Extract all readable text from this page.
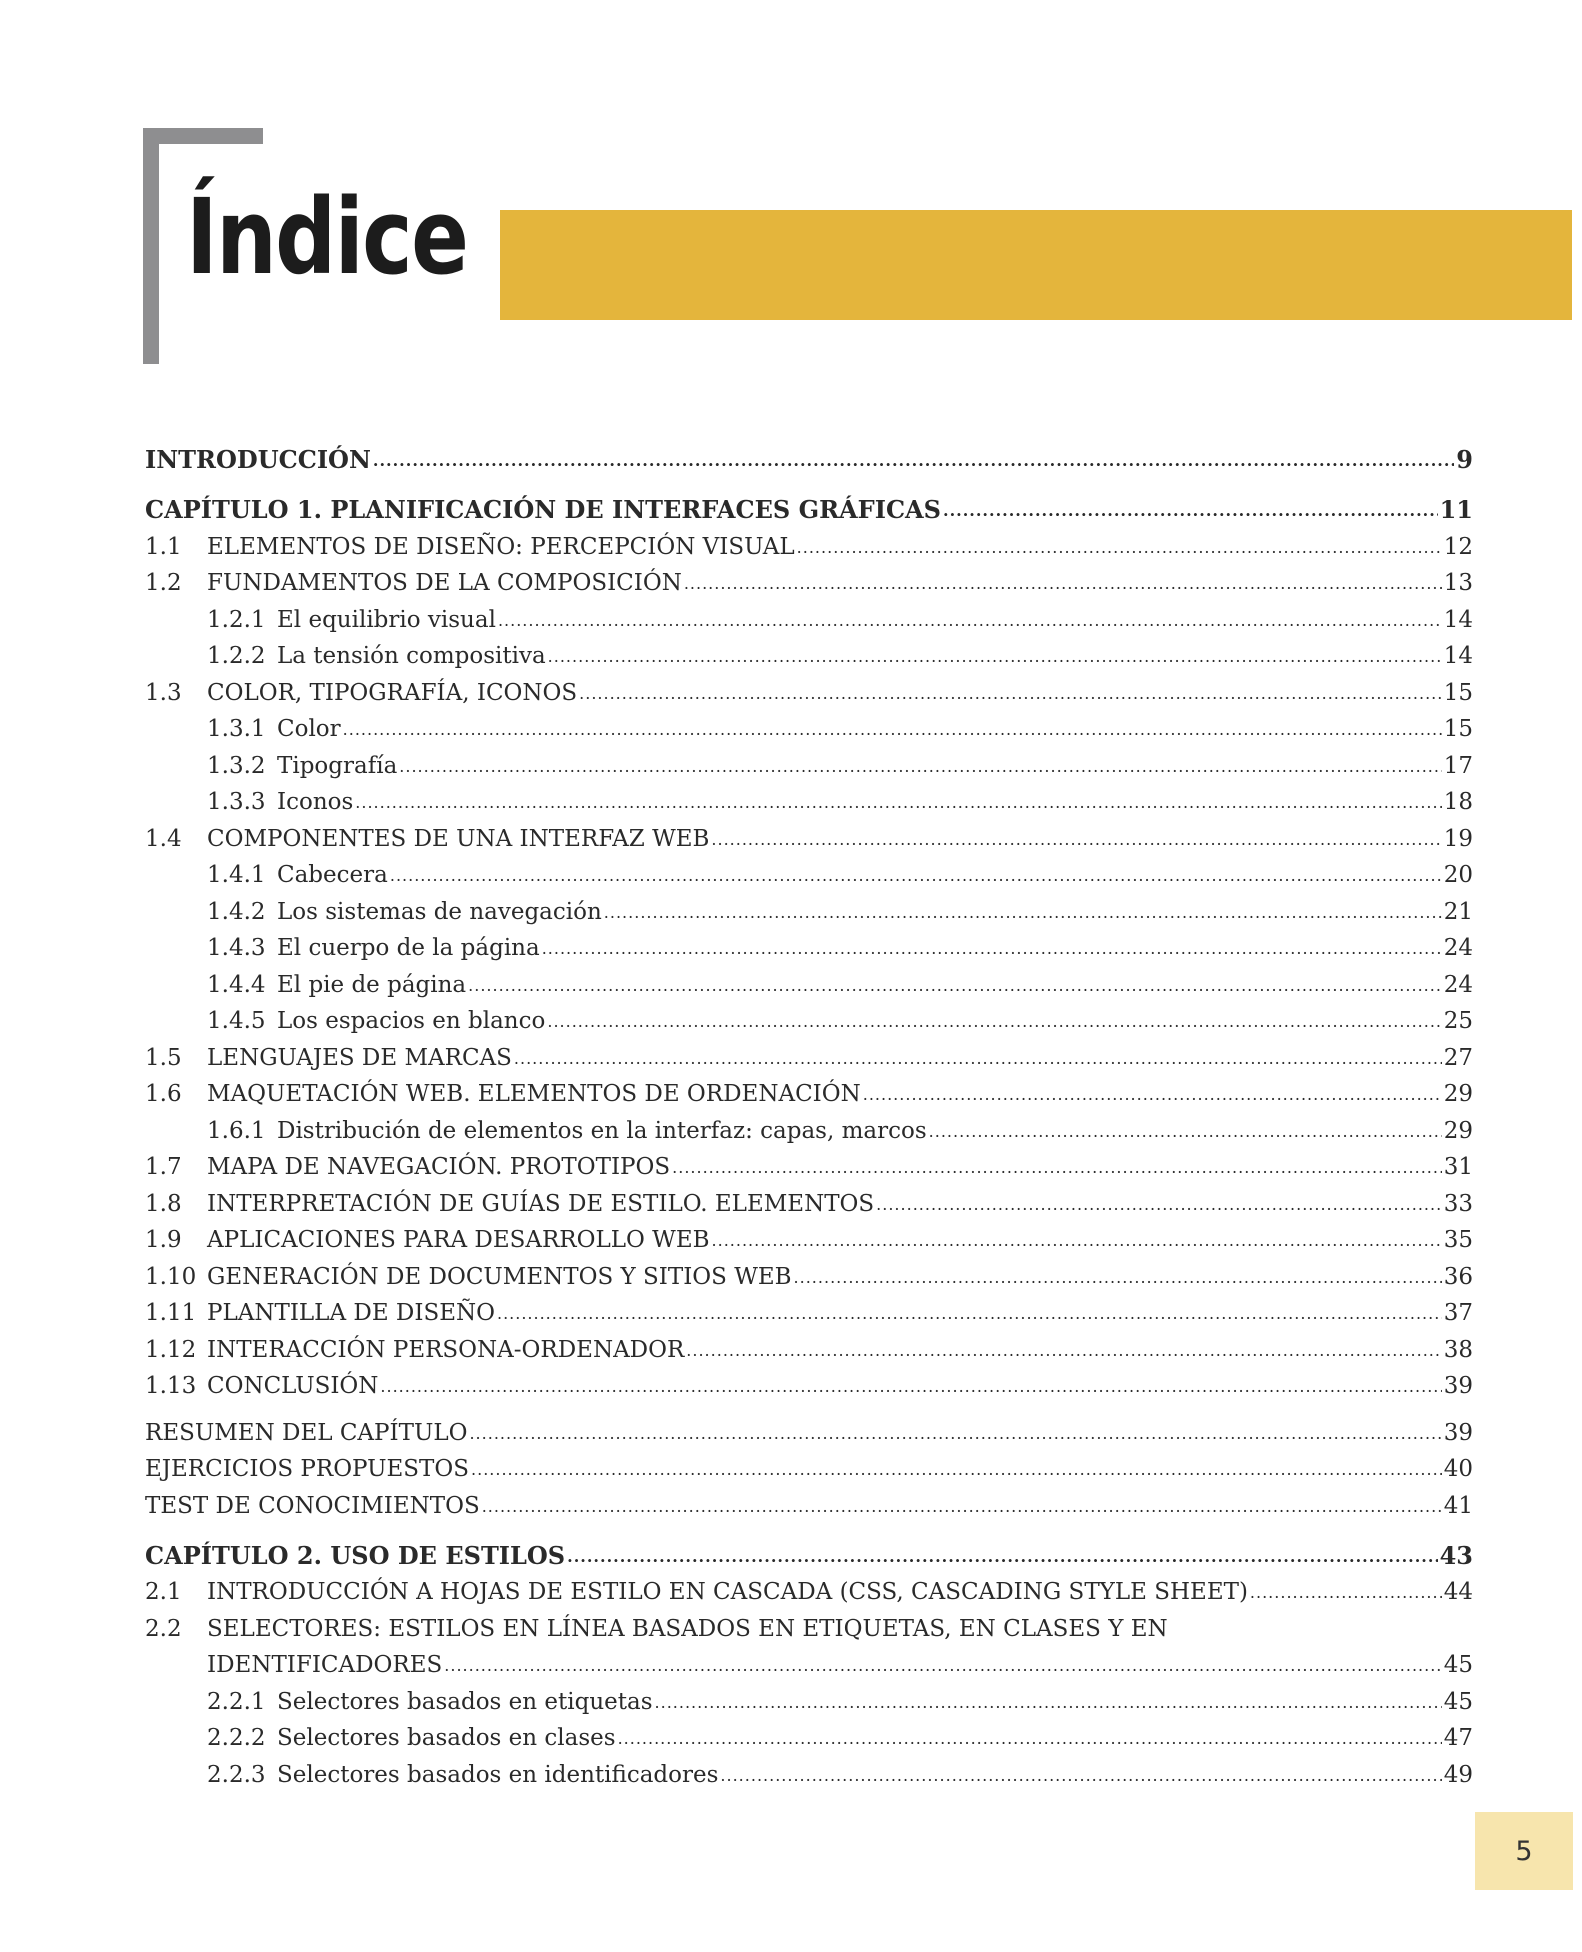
Índice
INTRODUCCIÓN .....	9
CAPÍTULO 1. PLANIFICACIÓN DE INTERFACES GRÁFICAS .....	11
1.1	ELEMENTOS DE DISEÑO: PERCEPCIÓN VISUAL .....	12
1.2	FUNDAMENTOS DE LA COMPOSICIÓN .....	13
1.2.1 El equilibrio visual .....	14
1.2.2 La tensión compositiva .....	14
1.3	COLOR, TIPOGRAFÍA, ICONOS .....	15
1.3.1 Color .....	15
1.3.2 Tipografía .....	17
1.3.3 Iconos .....	18
1.4	COMPONENTES DE UNA INTERFAZ WEB .....	19
1.4.1 Cabecera .....	20
1.4.2 Los sistemas de navegación .....	21
1.4.3 El cuerpo de la página .....	24
1.4.4 El pie de página .....	24
1.4.5 Los espacios en blanco .....	25
1.5	LENGUAJES DE MARCAS .....	27
1.6	MAQUETACIÓN WEB. ELEMENTOS DE ORDENACIÓN .....	29
1.6.1 Distribución de elementos en la interfaz: capas, marcos .....	29
1.7	MAPA DE NAVEGACIÓN. PROTOTIPOS .....	31
1.8	INTERPRETACIÓN DE GUÍAS DE ESTILO. ELEMENTOS .....	33
1.9	APLICACIONES PARA DESARROLLO WEB .....	35
1.10 GENERACIÓN DE DOCUMENTOS Y SITIOS WEB .....	36
1.11 PLANTILLA DE DISEÑO .....	37
1.12 INTERACCIÓN PERSONA-ORDENADOR .....	38
1.13 CONCLUSIÓN .....	39
RESUMEN DEL CAPÍTULO .....	39
EJERCICIOS PROPUESTOS .....	40
TEST DE CONOCIMIENTOS .....	41
CAPÍTULO 2. USO DE ESTILOS .....	43
2.1	INTRODUCCIÓN A HOJAS DE ESTILO EN CASCADA (CSS, CASCADING STYLE SHEET) .....	44
2.2	SELECTORES: ESTILOS EN LÍNEA BASADOS EN ETIQUETAS, EN CLASES Y EN
IDENTIFICADORES .....	45
2.2.1 Selectores basados en etiquetas .....	45
2.2.2 Selectores basados en clases .....	47
2.2.3 Selectores basados en identificadores .....	49
5
